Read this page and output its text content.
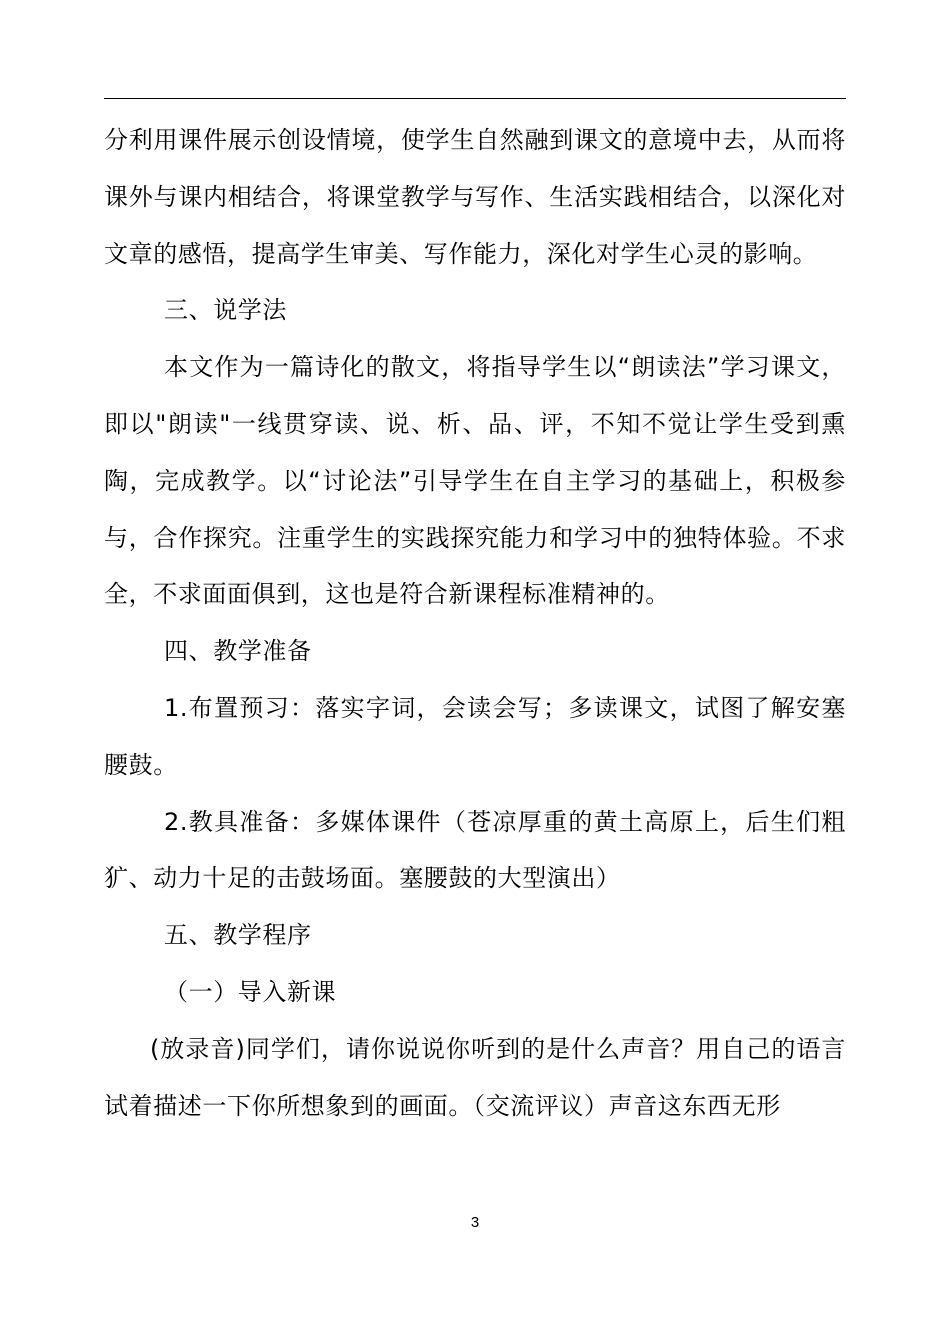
分利用课件展示创设情境，使学生自然融到课文的意境中去，从而将课外与课内相结合，将课堂教学与写作、生活实践相结合，以深化对文章的感悟，提高学生审美、写作能力，深化对学生心灵的影响。

三、说学法

本文作为一篇诗化的散文，将指导学生以“朗读法”学习课文，即以"朗读"一线贯穿读、说、析、品、评，不知不觉让学生受到熏陶，完成教学。以“讨论法”引导学生在自主学习的基础上，积极参与，合作探究。注重学生的实践探究能力和学习中的独特体验。不求全，不求面面俱到，这也是符合新课程标准精神的。

四、教学准备

1.布置预习：落实字词，会读会写；多读课文，试图了解安塞腰鼓。

2.教具准备：多媒体课件（苍凉厚重的黄土高原上，后生们粗犷、动力十足的击鼓场面。塞腰鼓的大型演出）

五、教学程序

（一）导入新课

(放录音)同学们，请你说说你听到的是什么声音？用自己的语言试着描述一下你所想象到的画面。（交流评议）声音这东西无形

3
